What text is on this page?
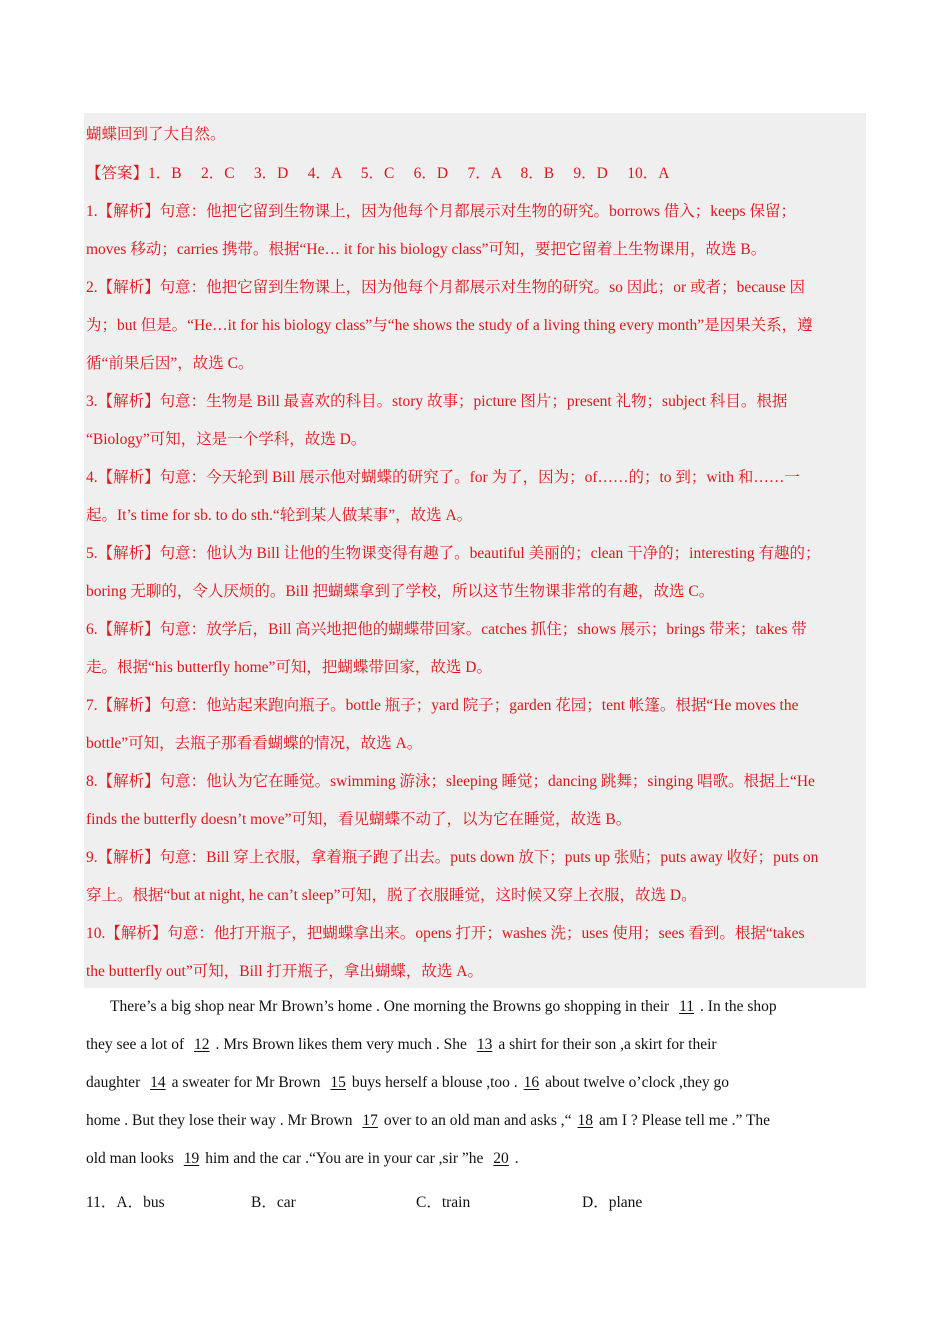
蝴蝶回到了大自然。
【答案】1．B　 2．C　 3．D　 4．A　 5．C　 6．D　 7．A　 8．B　 9．D　 10．A
1.【解析】句意：他把它留到生物课上，因为他每个月都展示对生物的研究。borrows 借入；keeps 保留；
moves 移动；carries 携带。根据“He… it for his biology class”可知，要把它留着上生物课用，故选 B。
2.【解析】句意：他把它留到生物课上，因为他每个月都展示对生物的研究。so 因此；or 或者；because 因
为；but 但是。“He…it for his biology class”与“he shows the study of a living thing every month”是因果关系，遵
循“前果后因”，故选 C。
3.【解析】句意：生物是 Bill 最喜欢的科目。story 故事；picture 图片；present 礼物；subject 科目。根据
“Biology”可知，这是一个学科，故选 D。
4.【解析】句意：今天轮到 Bill 展示他对蝴蝶的研究了。for 为了，因为；of……的；to 到；with 和……一
起。It’s time for sb. to do sth.“轮到某人做某事”，故选 A。
5.【解析】句意：他认为 Bill 让他的生物课变得有趣了。beautiful 美丽的；clean 干净的；interesting 有趣的；
boring 无聊的，令人厌烦的。Bill 把蝴蝶拿到了学校，所以这节生物课非常的有趣，故选 C。
6.【解析】句意：放学后，Bill 高兴地把他的蝴蝶带回家。catches 抓住；shows 展示；brings 带来；takes 带
走。根据“his butterfly home”可知，把蝴蝶带回家，故选 D。
7.【解析】句意：他站起来跑向瓶子。bottle 瓶子；yard 院子；garden 花园；tent 帐篷。根据“He moves the
bottle”可知，去瓶子那看看蝴蝶的情况，故选 A。
8.【解析】句意：他认为它在睡觉。swimming 游泳；sleeping 睡觉；dancing 跳舞；singing 唱歌。根据上“He
finds the butterfly doesn’t move”可知，看见蝴蝶不动了，以为它在睡觉，故选 B。
9.【解析】句意：Bill 穿上衣服，拿着瓶子跑了出去。puts down 放下；puts up 张贴；puts away 收好；puts on
穿上。根据“but at night, he can’t sleep”可知，脱了衣服睡觉，这时候又穿上衣服，故选 D。
10.【解析】句意：他打开瓶子，把蝴蝶拿出来。opens 打开；washes 洗；uses 使用；sees 看到。根据“takes
the butterfly out”可知，Bill 打开瓶子，拿出蝴蝶，故选 A。
There’s a big shop near Mr Brown’s home . One morning the Browns go shopping in their 11 . In the shop
they see a lot of 12 . Mrs Brown likes them very much . She 13 a shirt for their son ,a skirt for their
daughter 14 a sweater for Mr Brown 15 buys herself a blouse ,too . 16 about twelve o’clock ,they go
home . But they lose their way . Mr Brown 17 over to an old man and asks ,“ 18 am I ? Please tell me .” The
old man looks 19 him and the car .“You are in your car ,sir ”he 20 .
11．A．bus	B．car	C．train	D．plane
